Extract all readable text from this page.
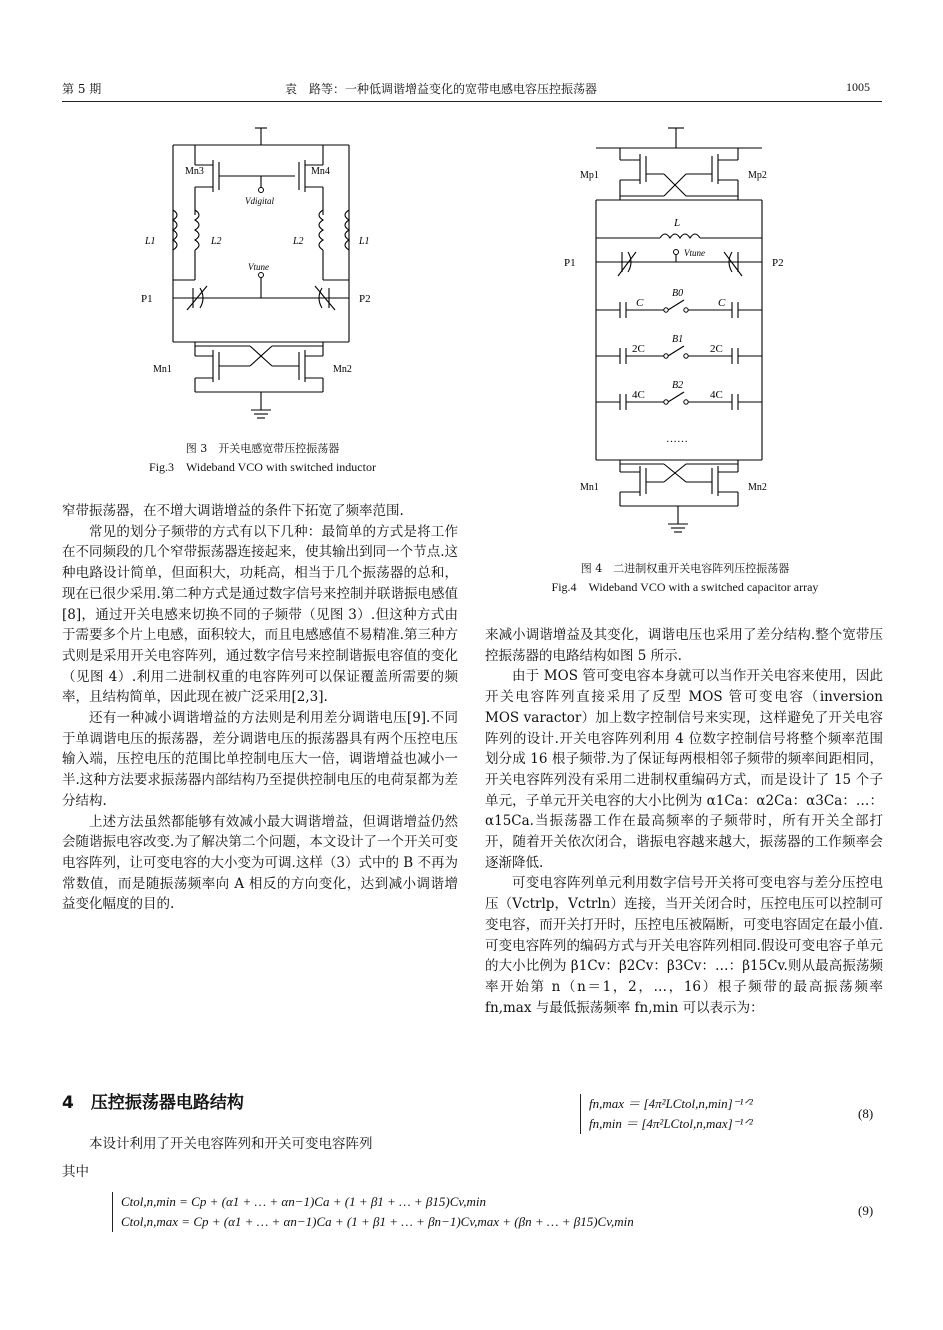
第 5 期	袁　路等：一种低调谐增益变化的宽带电感电容压控振荡器	1005
Mn3	Mn4
Vdigital
L1	L2	L2	L1
Vtune
P1	P2
Mn1	Mn2
图 3　开关电感宽带压控振荡器
Fig.3　Wideband VCO with switched inductor
Mp1	Mp2
L
P1	P2
Vtune
C
B0
C
2C
B1
2C
4C
B2
4C
……
Mn1	Mn2
图 4　二进制权重开关电容阵列压控振荡器
Fig.4　Wideband VCO with a switched capacitor array

窄带振荡器，在不增大调谐增益的条件下拓宽了频率范围.

常见的划分子频带的方式有以下几种：最简单的方式是将工作在不同频段的几个窄带振荡器连接起来，使其输出到同一个节点.这种电路设计简单，但面积大，功耗高，相当于几个振荡器的总和，现在已很少采用.第二种方式是通过数字信号来控制并联谐振电感值[8]，通过开关电感来切换不同的子频带（见图 3）.但这种方式由于需要多个片上电感，面积较大，而且电感感值不易精准.第三种方式则是采用开关电容阵列，通过数字信号来控制谐振电容值的变化（见图 4）.利用二进制权重的电容阵列可以保证覆盖所需要的频率，且结构简单，因此现在被广泛采用[2,3].

还有一种减小调谐增益的方法则是利用差分调谐电压[9].不同于单调谐电压的振荡器，差分调谐电压的振荡器具有两个压控电压输入端，压控电压的范围比单控制电压大一倍，调谐增益也减小一半.这种方法要求振荡器内部结构乃至提供控制电压的电荷泵都为差分结构.

上述方法虽然都能够有效减小最大调谐增益，但调谐增益仍然会随谐振电容改变.为了解决第二个问题，本文设计了一个开关可变电容阵列，让可变电容的大小变为可调.这样（3）式中的 B 不再为常数值，而是随振荡频率向 A 相反的方向变化，达到减小调谐增益变化幅度的目的.

4　压控振荡器电路结构

本设计利用了开关电容阵列和开关可变电容阵列

来减小调谐增益及其变化，调谐电压也采用了差分结构.整个宽带压控振荡器的电路结构如图 5 所示.

由于 MOS 管可变电容本身就可以当作开关电容来使用，因此开关电容阵列直接采用了反型 MOS 管可变电容（inversion MOS varactor）加上数字控制信号来实现，这样避免了开关电容阵列的设计.开关电容阵列利用 4 位数字控制信号将整个频率范围划分成 16 根子频带.为了保证每两根相邻子频带的频率间距相同，开关电容阵列没有采用二进制权重编码方式，而是设计了 15 个子单元，子单元开关电容的大小比例为 α1Ca：α2Ca：α3Ca：…：α15Ca.当振荡器工作在最高频率的子频带时，所有开关全部打开，随着开关依次闭合，谐振电容越来越大，振荡器的工作频率会逐渐降低.

可变电容阵列单元利用数字信号开关将可变电容与差分压控电压（Vctrlp，Vctrln）连接，当开关闭合时，压控电压可以控制可变电容，而开关打开时，压控电压被隔断，可变电容固定在最小值.可变电容阵列的编码方式与开关电容阵列相同.假设可变电容子单元的大小比例为 β1Cv：β2Cv：β3Cv：…：β15Cv.则从最高振荡频率开始第 n（n＝1，2，…，16）根子频带的最高振荡频率 fn,max 与最低振荡频率 fn,min 可以表示为：

fn,max ＝ [4π²LCtol,n,min]⁻¹ᐟ²
fn,min ＝ [4π²LCtol,n,max]⁻¹ᐟ²
(8)

其中

Ctol,n,min = Cp + (α1 + … + αn−1)Ca + (1 + β1 + … + β15)Cv,min
Ctol,n,max = Cp + (α1 + … + αn−1)Ca + (1 + β1 + … + βn−1)Cv,max + (βn + … + β15)Cv,min
(9)
